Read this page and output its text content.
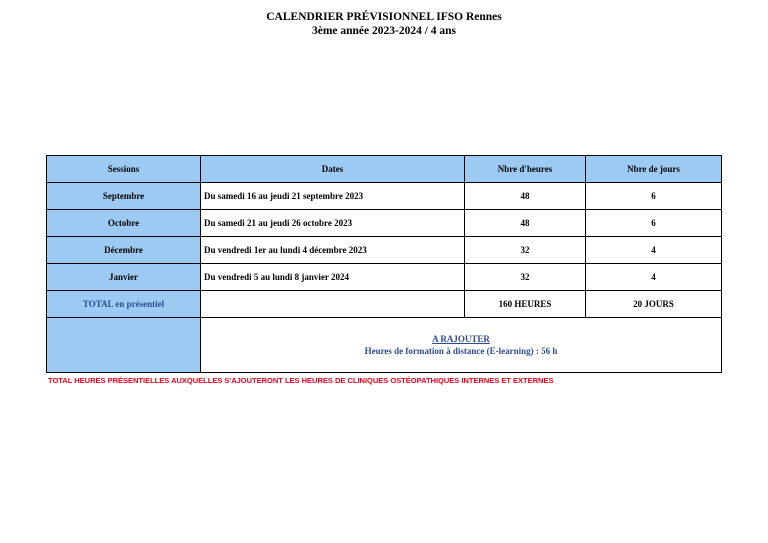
CALENDRIER PRÉVISIONNEL IFSO Rennes
3ème année 2023-2024 / 4 ans
Sessions	Dates	Nbre d'heures	Nbre de jours
Septembre	Du samedi 16 au jeudi 21 septembre 2023	48	6
Octobre	Du samedi 21 au jeudi 26 octobre 2023	48	6
Décembre	Du vendredi 1er au lundi 4 décembre 2023	32	4
Janvier	Du vendredi 5 au lundi 8 janvier 2024	32	4
TOTAL en présentiel		160 HEURES	20 JOURS

	A RAJOUTER
Heures de formation à distance (E-learning) : 56 h		
TOTAL HEURES PRÉSENTIELLES AUXQUELLES S'AJOUTERONT LES HEURES DE CLINIQUES OSTÉOPATHIQUES INTERNES ET EXTERNES
